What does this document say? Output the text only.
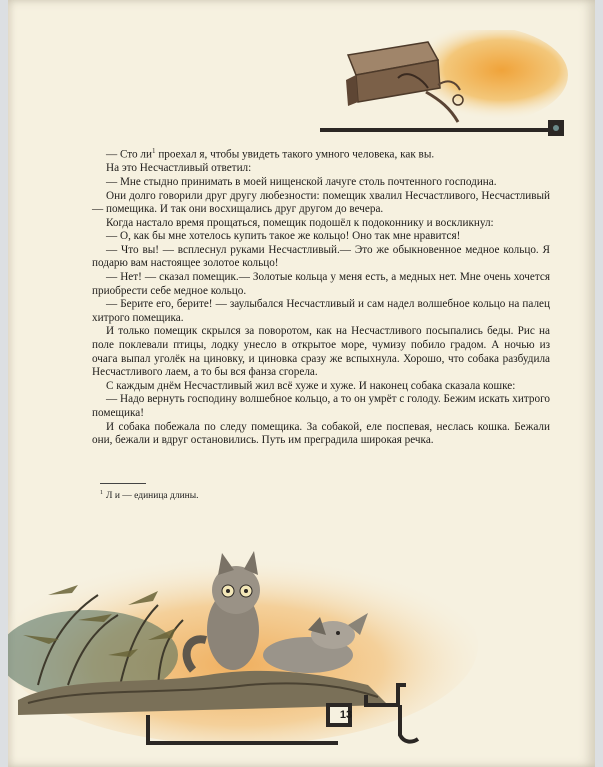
— Сто $ли^1$ проехал я, чтобы увидеть такого умного человека, как вы.

На это Несчастливый ответил:

— Мне стыдно принимать в моей нищенской лачуге столь почтенного господина.

Они долго говорили друг другу любезности: помещик хвалил Несчастливого, Несчастливый — помещика. И так они восхищались друг другом до вечера.

Когда настало время прощаться, помещик подошёл к подоконнику и воскликнул:

— О, как бы мне хотелось купить такое же кольцо! Оно так мне нравится!

— Что вы! — всплеснул руками Несчастливый.— Это же обыкновенное медное кольцо. Я подарю вам настоящее золотое кольцо!

— Нет! — сказал помещик.— Золотые кольца у меня есть, а медных нет. Мне очень хочется приобрести себе медное кольцо.

— Берите его, берите! — заулыбался Несчастливый и сам надел волшебное кольцо на палец хитрого помещика.

И только помещик скрылся за поворотом, как на Несчастливого посыпались беды. Рис на поле поклевали птицы, лодку унесло в открытое море, чумизу побило градом. А ночью из очага выпал уголёк на циновку, и циновка сразу же вспыхнула. Хорошо, что собака разбудила Несчастливого лаем, а то бы вся фанза сгорела.

С каждым днём Несчастливый жил всё хуже и хуже. И наконец собака сказала кошке:

— Надо вернуть господину волшебное кольцо, а то он умрёт с голоду. Бежим искать хитрого помещика!

И собака побежала по следу помещика. За собакой, еле поспевая, неслась кошка. Бежали они, бежали и вдруг остановились. Путь им преградила широкая речка.

$^1$ Л и — единица длины.
13
